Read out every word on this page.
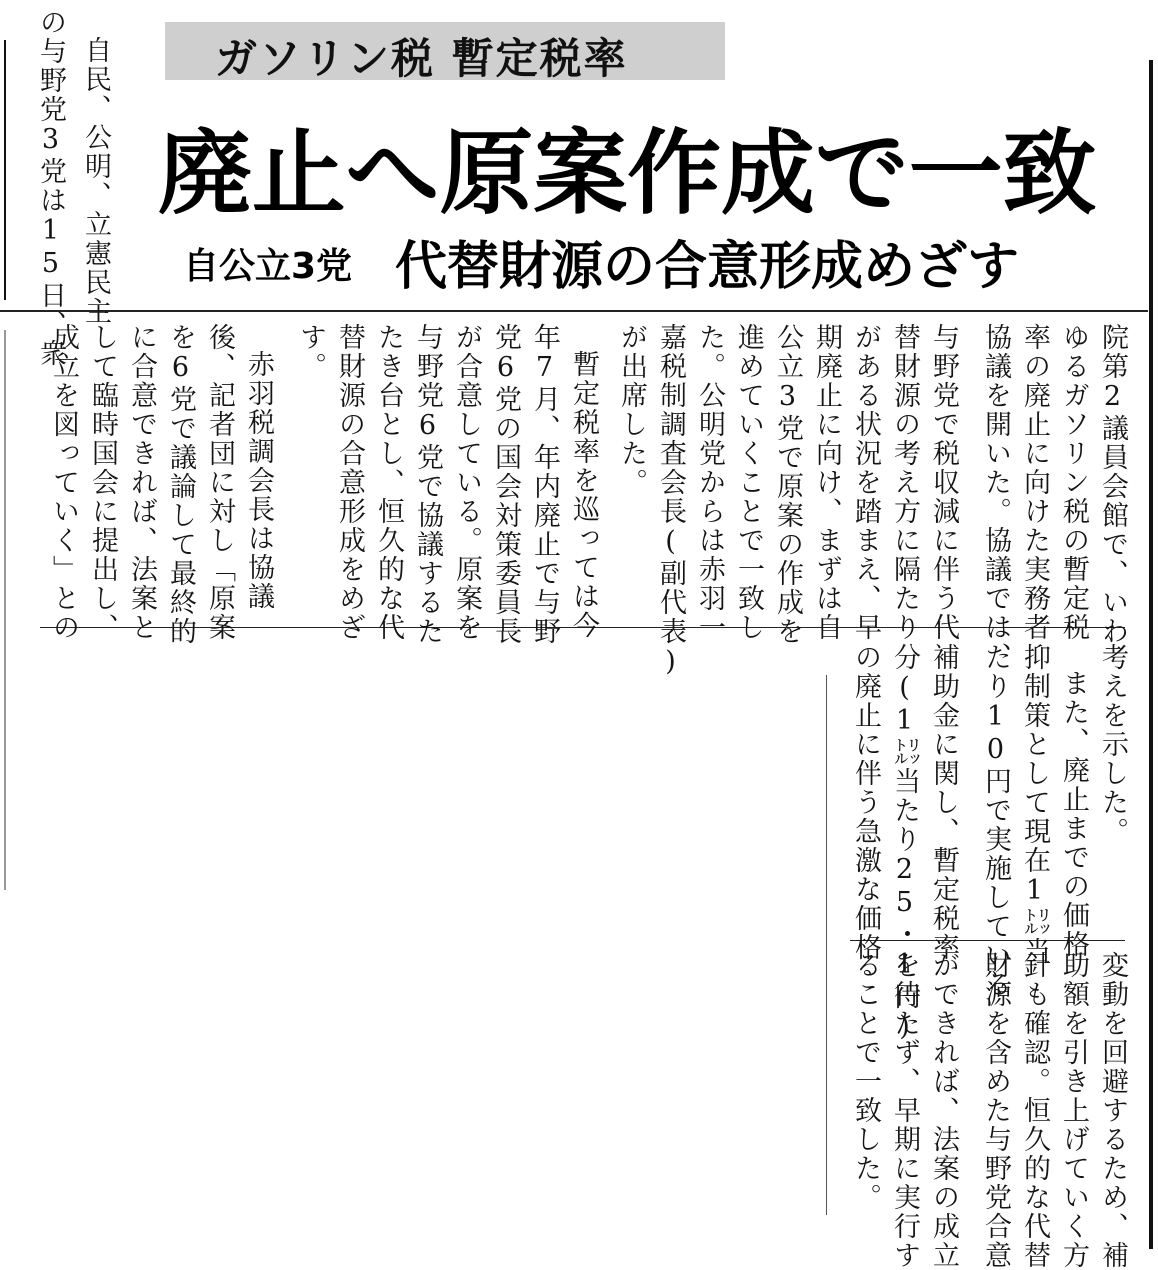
ガソリン税 暫定税率
廃止へ原案作成で一致
自公立3党 代替財源の合意形成めざす
自民、公明、立憲民主
の与野党3党は15日、衆
院第2議員会館で、いわ
ゆるガソリン税の暫定税
率の廃止に向けた実務者
協議を開いた。協議では、
与野党で税収減に伴う代
替財源の考え方に隔たり
がある状況を踏まえ、早
期廃止に向け、まずは自
公立3党で原案の作成を
進めていくことで一致し
た。公明党からは赤羽一
嘉税制調査会長(副代表)
が出席した。
暫定税率を巡っては今
年7月、年内廃止で与野
党6党の国会対策委員長
が合意している。原案を
与野党6党で協議するた
たき台とし、恒久的な代
替財源の合意形成をめざ
す。
赤羽税調会長は協議
後、記者団に対し「原案
を6党で議論して最終的
に合意できれば、法案と
して臨時国会に提出し、
成立を図っていく」との
考えを示した。
また、廃止までの価格
抑制策として現在1㍑当
たり10円で実施している
補助金に関し、暫定税率
分(1㍑当たり25・1円)
の廃止に伴う急激な価格
変動を回避するため、補
助額を引き上げていく方
針も確認。恒久的な代替
財源を含めた与野党合意
ができれば、法案の成立
を待たず、早期に実行す
ることで一致した。
